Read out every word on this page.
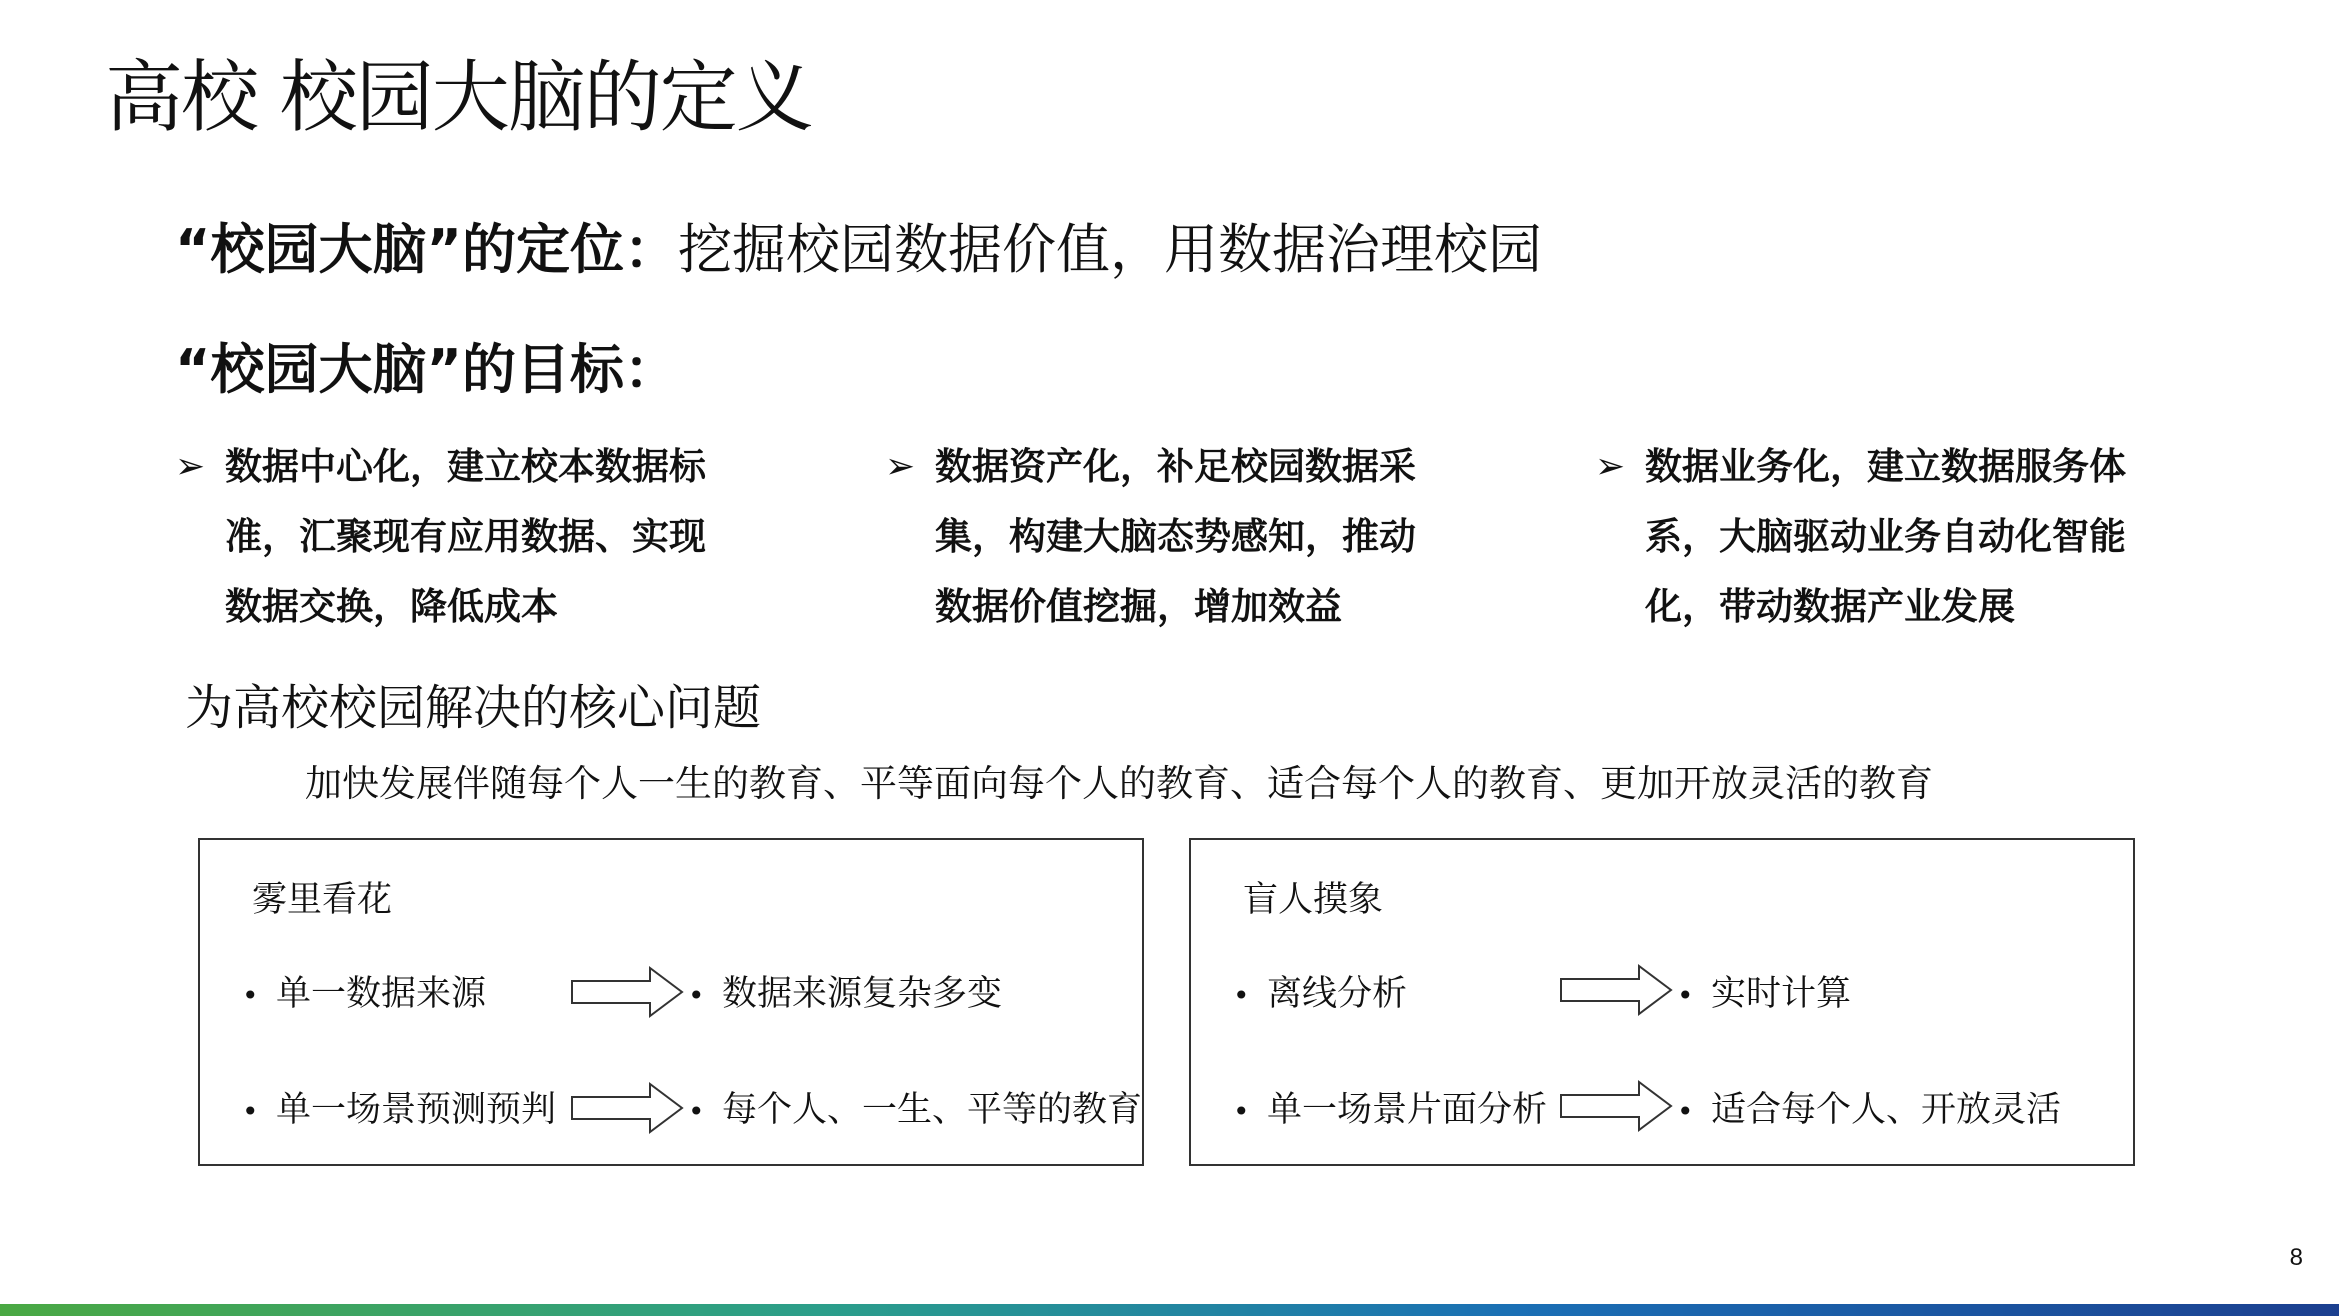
高校 校园大脑的定义
“校园大脑”的定位：挖掘校园数据价值，用数据治理校园
“校园大脑”的目标：
➢ 数据中心化，建立校本数据标准，汇聚现有应用数据、实现数据交换，降低成本
➢ 数据资产化，补足校园数据采集，构建大脑态势感知，推动数据价值挖掘，增加效益
➢ 数据业务化，建立数据服务体系，大脑驱动业务自动化智能化，带动数据产业发展
为高校校园解决的核心问题
加快发展伴随每个人一生的教育、平等面向每个人的教育、适合每个人的教育、更加开放灵活的教育
雾里看花
• 单一数据来源	• 数据来源复杂多变
• 单一场景预测预判	• 每个人、一生、平等的教育
盲人摸象
• 离线分析	• 实时计算
• 单一场景片面分析	• 适合每个人、开放灵活
8
